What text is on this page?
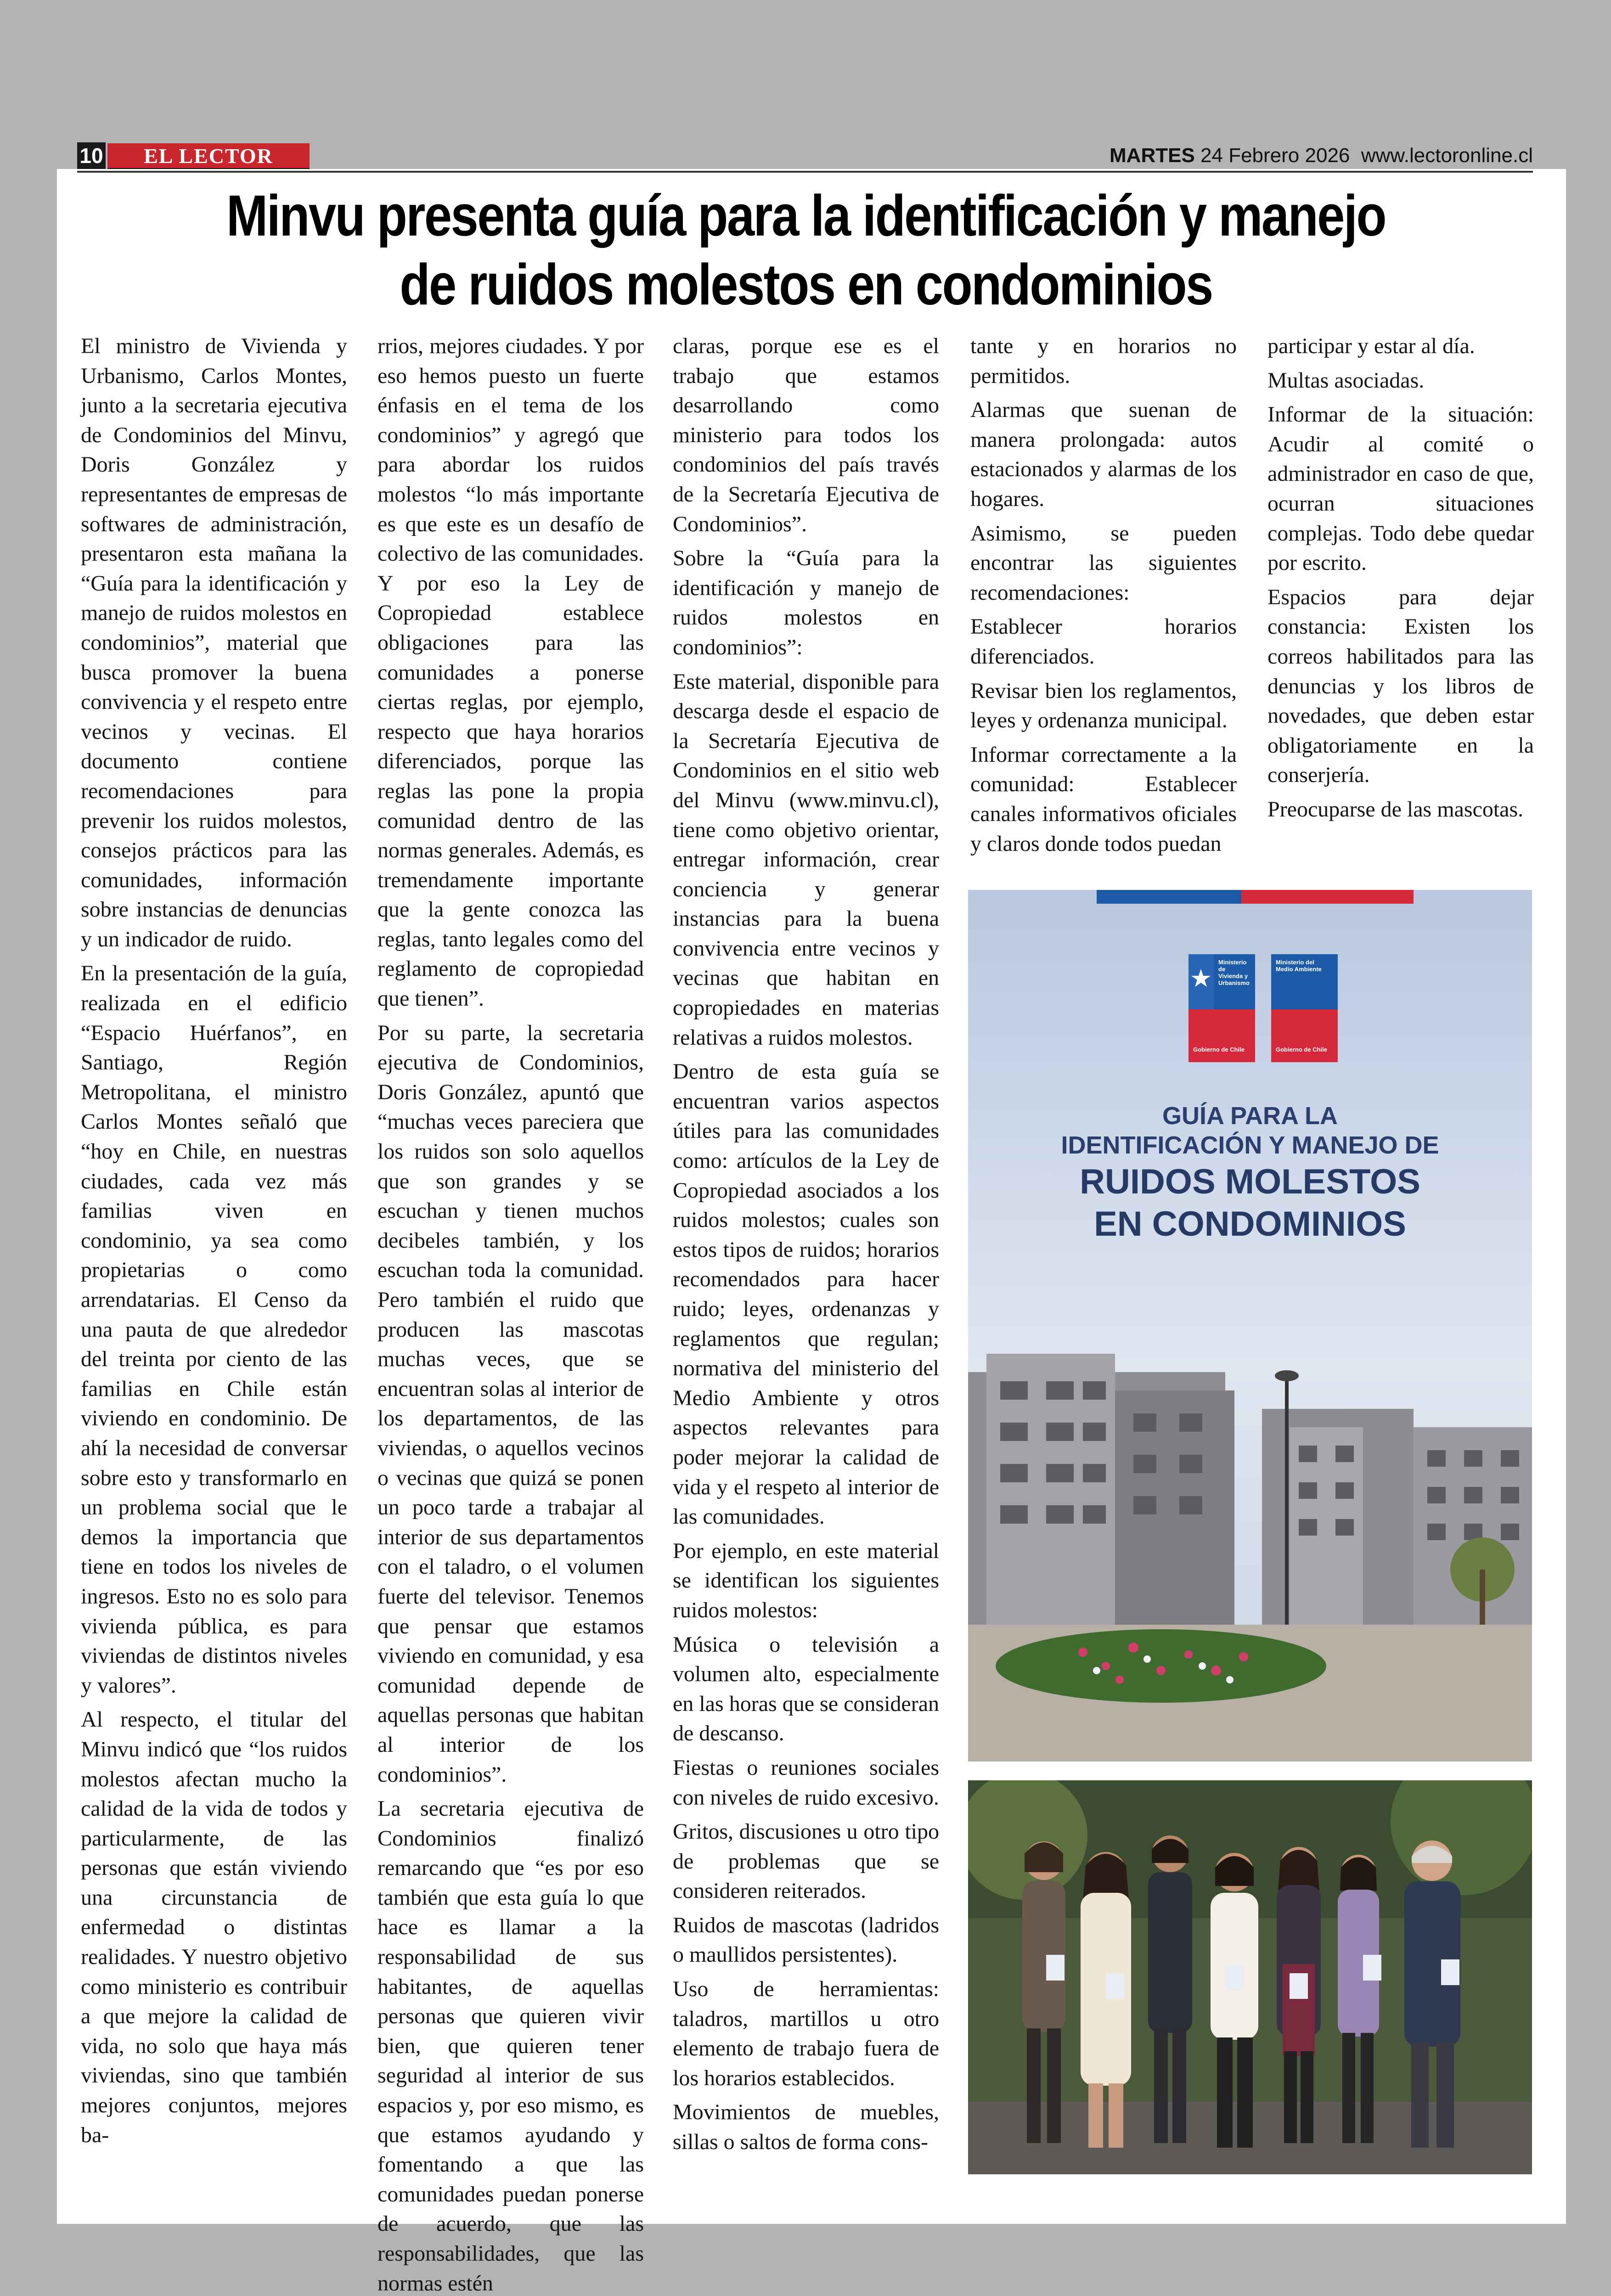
10	EL LECTOR	MARTES 24 Febrero 2026 www.lectoronline.cl
Minvu presenta guía para la identificación y manejo
de ruidos molestos en condominios

El ministro de Vivienda y Urbanismo, Carlos Montes, junto a la secretaria ejecutiva de Condominios del Minvu, Doris González y representantes de empresas de softwares de administración, presentaron esta mañana la “Guía para la identificación y manejo de ruidos molestos en condominios”, material que busca promover la buena convivencia y el respeto entre vecinos y vecinas. El documento contiene recomendaciones para prevenir los ruidos molestos, consejos prácticos para las comunidades, información sobre instancias de denuncias y un indicador de ruido.

En la presentación de la guía, realizada en el edificio “Espacio Huérfanos”, en Santiago, Región Metropolitana, el ministro Carlos Montes señaló que “hoy en Chile, en nuestras ciudades, cada vez más familias viven en condominio, ya sea como propietarias o como arrendatarias. El Censo da una pauta de que alrededor del treinta por ciento de las familias en Chile están viviendo en condominio. De ahí la necesidad de conversar sobre esto y transformarlo en un problema social que le demos la importancia que tiene en todos los niveles de ingresos. Esto no es solo para vivienda pública, es para viviendas de distintos niveles y valores”.

Al respecto, el titular del Minvu indicó que “los ruidos molestos afectan mucho la calidad de la vida de todos y particularmente, de las personas que están viviendo una circunstancia de enfermedad o distintas realidades. Y nuestro objetivo como ministerio es contribuir a que mejore la calidad de vida, no solo que haya más viviendas, sino que también mejores conjuntos, mejores ba-

rrios, mejores ciudades. Y por eso hemos puesto un fuerte énfasis en el tema de los condominios” y agregó que para abordar los ruidos molestos “lo más importante es que este es un desafío de colectivo de las comunidades. Y por eso la Ley de Copropiedad establece obligaciones para las comunidades a ponerse ciertas reglas, por ejemplo, respecto que haya horarios diferenciados, porque las reglas las pone la propia comunidad dentro de las normas generales. Además, es tremendamente importante que la gente conozca las reglas, tanto legales como del reglamento de copropiedad que tienen”.

Por su parte, la secretaria ejecutiva de Condominios, Doris González, apuntó que “muchas veces pareciera que los ruidos son solo aquellos que son grandes y se escuchan y tienen muchos decibeles también, y los escuchan toda la comunidad. Pero también el ruido que producen las mascotas muchas veces, que se encuentran solas al interior de los departamentos, de las viviendas, o aquellos vecinos o vecinas que quizá se ponen un poco tarde a trabajar al interior de sus departamentos con el taladro, o el volumen fuerte del televisor. Tenemos que pensar que estamos viviendo en comunidad, y esa comunidad depende de aquellas personas que habitan al interior de los condominios”.

La secretaria ejecutiva de Condominios finalizó remarcando que “es por eso también que esta guía lo que hace es llamar a la responsabilidad de sus habitantes, de aquellas personas que quieren vivir bien, que quieren tener seguridad al interior de sus espacios y, por eso mismo, es que estamos ayudando y fomentando a que las comunidades puedan ponerse de acuerdo, que las responsabilidades, que las normas estén

claras, porque ese es el trabajo que estamos desarrollando como ministerio para todos los condominios del país través de la Secretaría Ejecutiva de Condominios”.

Sobre la “Guía para la identificación y manejo de ruidos molestos en condominios”:

Este material, disponible para descarga desde el espacio de la Secretaría Ejecutiva de Condominios en el sitio web del Minvu (www.minvu.cl), tiene como objetivo orientar, entregar información, crear conciencia y generar instancias para la buena convivencia entre vecinos y vecinas que habitan en copropiedades en materias relativas a ruidos molestos.

Dentro de esta guía se encuentran varios aspectos útiles para las comunidades como: artículos de la Ley de Copropiedad asociados a los ruidos molestos; cuales son estos tipos de ruidos; horarios recomendados para hacer ruido; leyes, ordenanzas y reglamentos que regulan; normativa del ministerio del Medio Ambiente y otros aspectos relevantes para poder mejorar la calidad de vida y el respeto al interior de las comunidades.

Por ejemplo, en este material se identifican los siguientes ruidos molestos:

Música o televisión a volumen alto, especialmente en las horas que se consideran de descanso.

Fiestas o reuniones sociales con niveles de ruido excesivo.

Gritos, discusiones u otro tipo de problemas que se consideren reiterados.

Ruidos de mascotas (ladridos o maullidos persistentes).

Uso de herramientas: taladros, martillos u otro elemento de trabajo fuera de los horarios establecidos.

Movimientos de muebles, sillas o saltos de forma cons-

tante y en horarios no permitidos.

Alarmas que suenan de manera prolongada: autos estacionados y alarmas de los hogares.

Asimismo, se pueden encontrar las siguientes recomendaciones:

Establecer horarios diferenciados.

Revisar bien los reglamentos, leyes y ordenanza municipal.

Informar correctamente a la comunidad: Establecer canales informativos oficiales y claros donde todos puedan

participar y estar al día.

Multas asociadas.

Informar de la situación: Acudir al comité o administrador en caso de que, ocurran situaciones complejas. Todo debe quedar por escrito.

Espacios para dejar constancia: Existen los correos habilitados para las denuncias y los libros de novedades, que deben estar obligatoriamente en la conserjería.

Preocuparse de las mascotas.

Ministerio de Vivienda y Urbanismo
Ministerio del Medio Ambiente
Gobierno de Chile	Gobierno de Chile
GUÍA PARA LA
IDENTIFICACIÓN Y MANEJO DE
RUIDOS MOLESTOS
EN CONDOMINIOS
